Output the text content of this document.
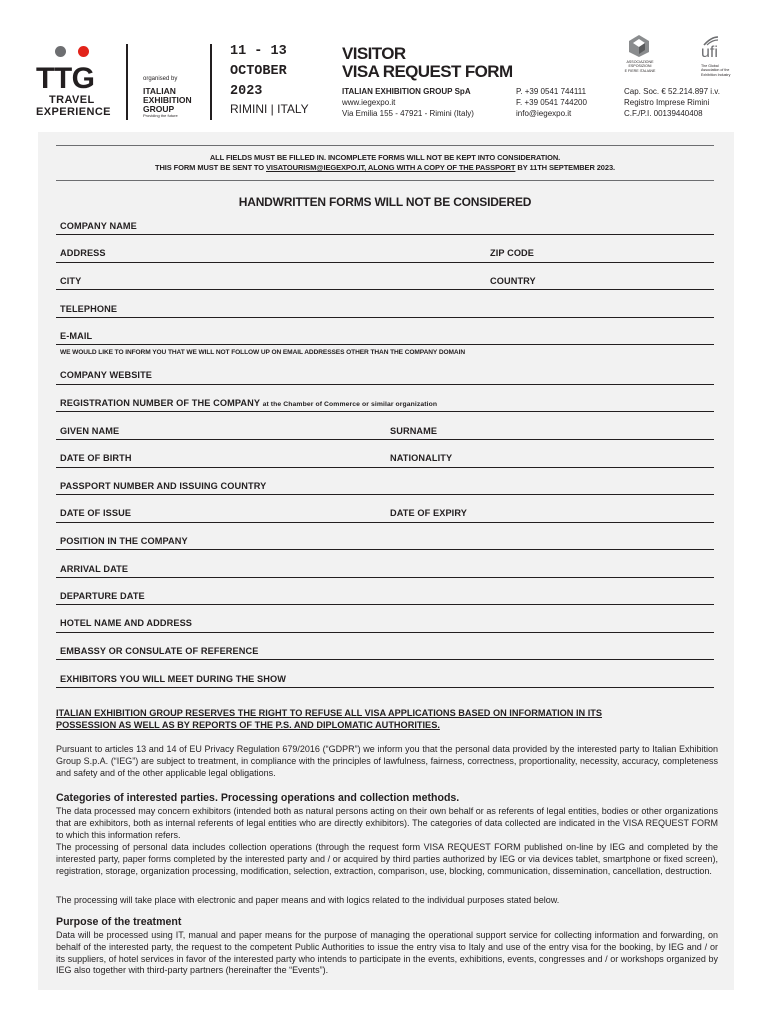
TTG
TRAVEL
EXPERIENCE
organised by
ITALIAN
EXHIBITION
GROUP
Providing the future
11 - 13
OCTOBER
2023
RIMINI | ITALY
VISITOR
VISA REQUEST FORM
ITALIAN EXHIBITION GROUP SpA
www.iegexpo.it
Via Emilia 155 - 47921 - Rimini (Italy)
P. +39 0541 744111
F. +39 0541 744200
info@iegexpo.it
Cap. Soc. € 52.214.897 i.v.
Registro Imprese Rimini
C.F./P.I. 00139440408
ASSOCIAZIONE
ESPOSIZIONI
E FIERE ITALIANE
ufi
The Global
Association of the
Exhibition Industry
ALL FIELDS MUST BE FILLED IN. INCOMPLETE FORMS WILL NOT BE KEPT INTO CONSIDERATION.
THIS FORM MUST BE SENT TO VISATOURISM@IEGEXPO.IT, ALONG WITH A COPY OF THE PASSPORT BY 11TH SEPTEMBER 2023.
HANDWRITTEN FORMS WILL NOT BE CONSIDERED
COMPANY NAME
ADDRESS	ZIP CODE
CITY	COUNTRY
TELEPHONE
E-MAIL
WE WOULD LIKE TO INFORM YOU THAT WE WILL NOT FOLLOW UP ON EMAIL ADDRESSES OTHER THAN THE COMPANY DOMAIN
COMPANY WEBSITE
REGISTRATION NUMBER OF THE COMPANY at the Chamber of Commerce or similar organization
GIVEN NAME	SURNAME
DATE OF BIRTH	NATIONALITY
PASSPORT NUMBER AND ISSUING COUNTRY
DATE OF ISSUE	DATE OF EXPIRY
POSITION IN THE COMPANY
ARRIVAL DATE
DEPARTURE DATE
HOTEL NAME AND ADDRESS
EMBASSY OR CONSULATE OF REFERENCE
EXHIBITORS YOU WILL MEET DURING THE SHOW
ITALIAN EXHIBITION GROUP RESERVES THE RIGHT TO REFUSE ALL VISA APPLICATIONS BASED ON INFORMATION IN ITS
POSSESSION AS WELL AS BY REPORTS OF THE P.S. AND DIPLOMATIC AUTHORITIES.
Pursuant to articles 13 and 14 of EU Privacy Regulation 679/2016 (“GDPR”) we inform you that the personal data provided by the interested party to Italian Exhibition Group S.p.A. (“IEG”) are subject to treatment, in compliance with the principles of lawfulness, fairness, correctness, proportionality, necessity, accuracy, completeness and safety and of the other applicable legal obligations.
Categories of interested parties. Processing operations and collection methods.
The data processed may concern exhibitors (intended both as natural persons acting on their own behalf or as referents of legal entities, bodies or other organizations that are exhibitors, both as internal referents of legal entities who are directly exhibitors). The categories of data collected are indicated in the VISA REQUEST FORM to which this information refers.
The processing of personal data includes collection operations (through the request form VISA REQUEST FORM published on-line by IEG and completed by the interested party, paper forms completed by the interested party and / or acquired by third parties authorized by IEG or via devices tablet, smartphone or fixed screen), registration, storage, organization processing, modification, selection, extraction, comparison, use, blocking, communication, dissemination, cancellation, destruction.
The processing will take place with electronic and paper means and with logics related to the individual purposes stated below.
Purpose of the treatment
Data will be processed using IT, manual and paper means for the purpose of managing the operational support service for collecting information and forwarding, on behalf of the interested party, the request to the competent Public Authorities to issue the entry visa to Italy and use of the entry visa for the booking, by IEG and / or its suppliers, of hotel services in favor of the interested party who intends to participate in the events, exhibitions, events, congresses and / or workshops organized by IEG also together with third-party partners (hereinafter the “Events”).
